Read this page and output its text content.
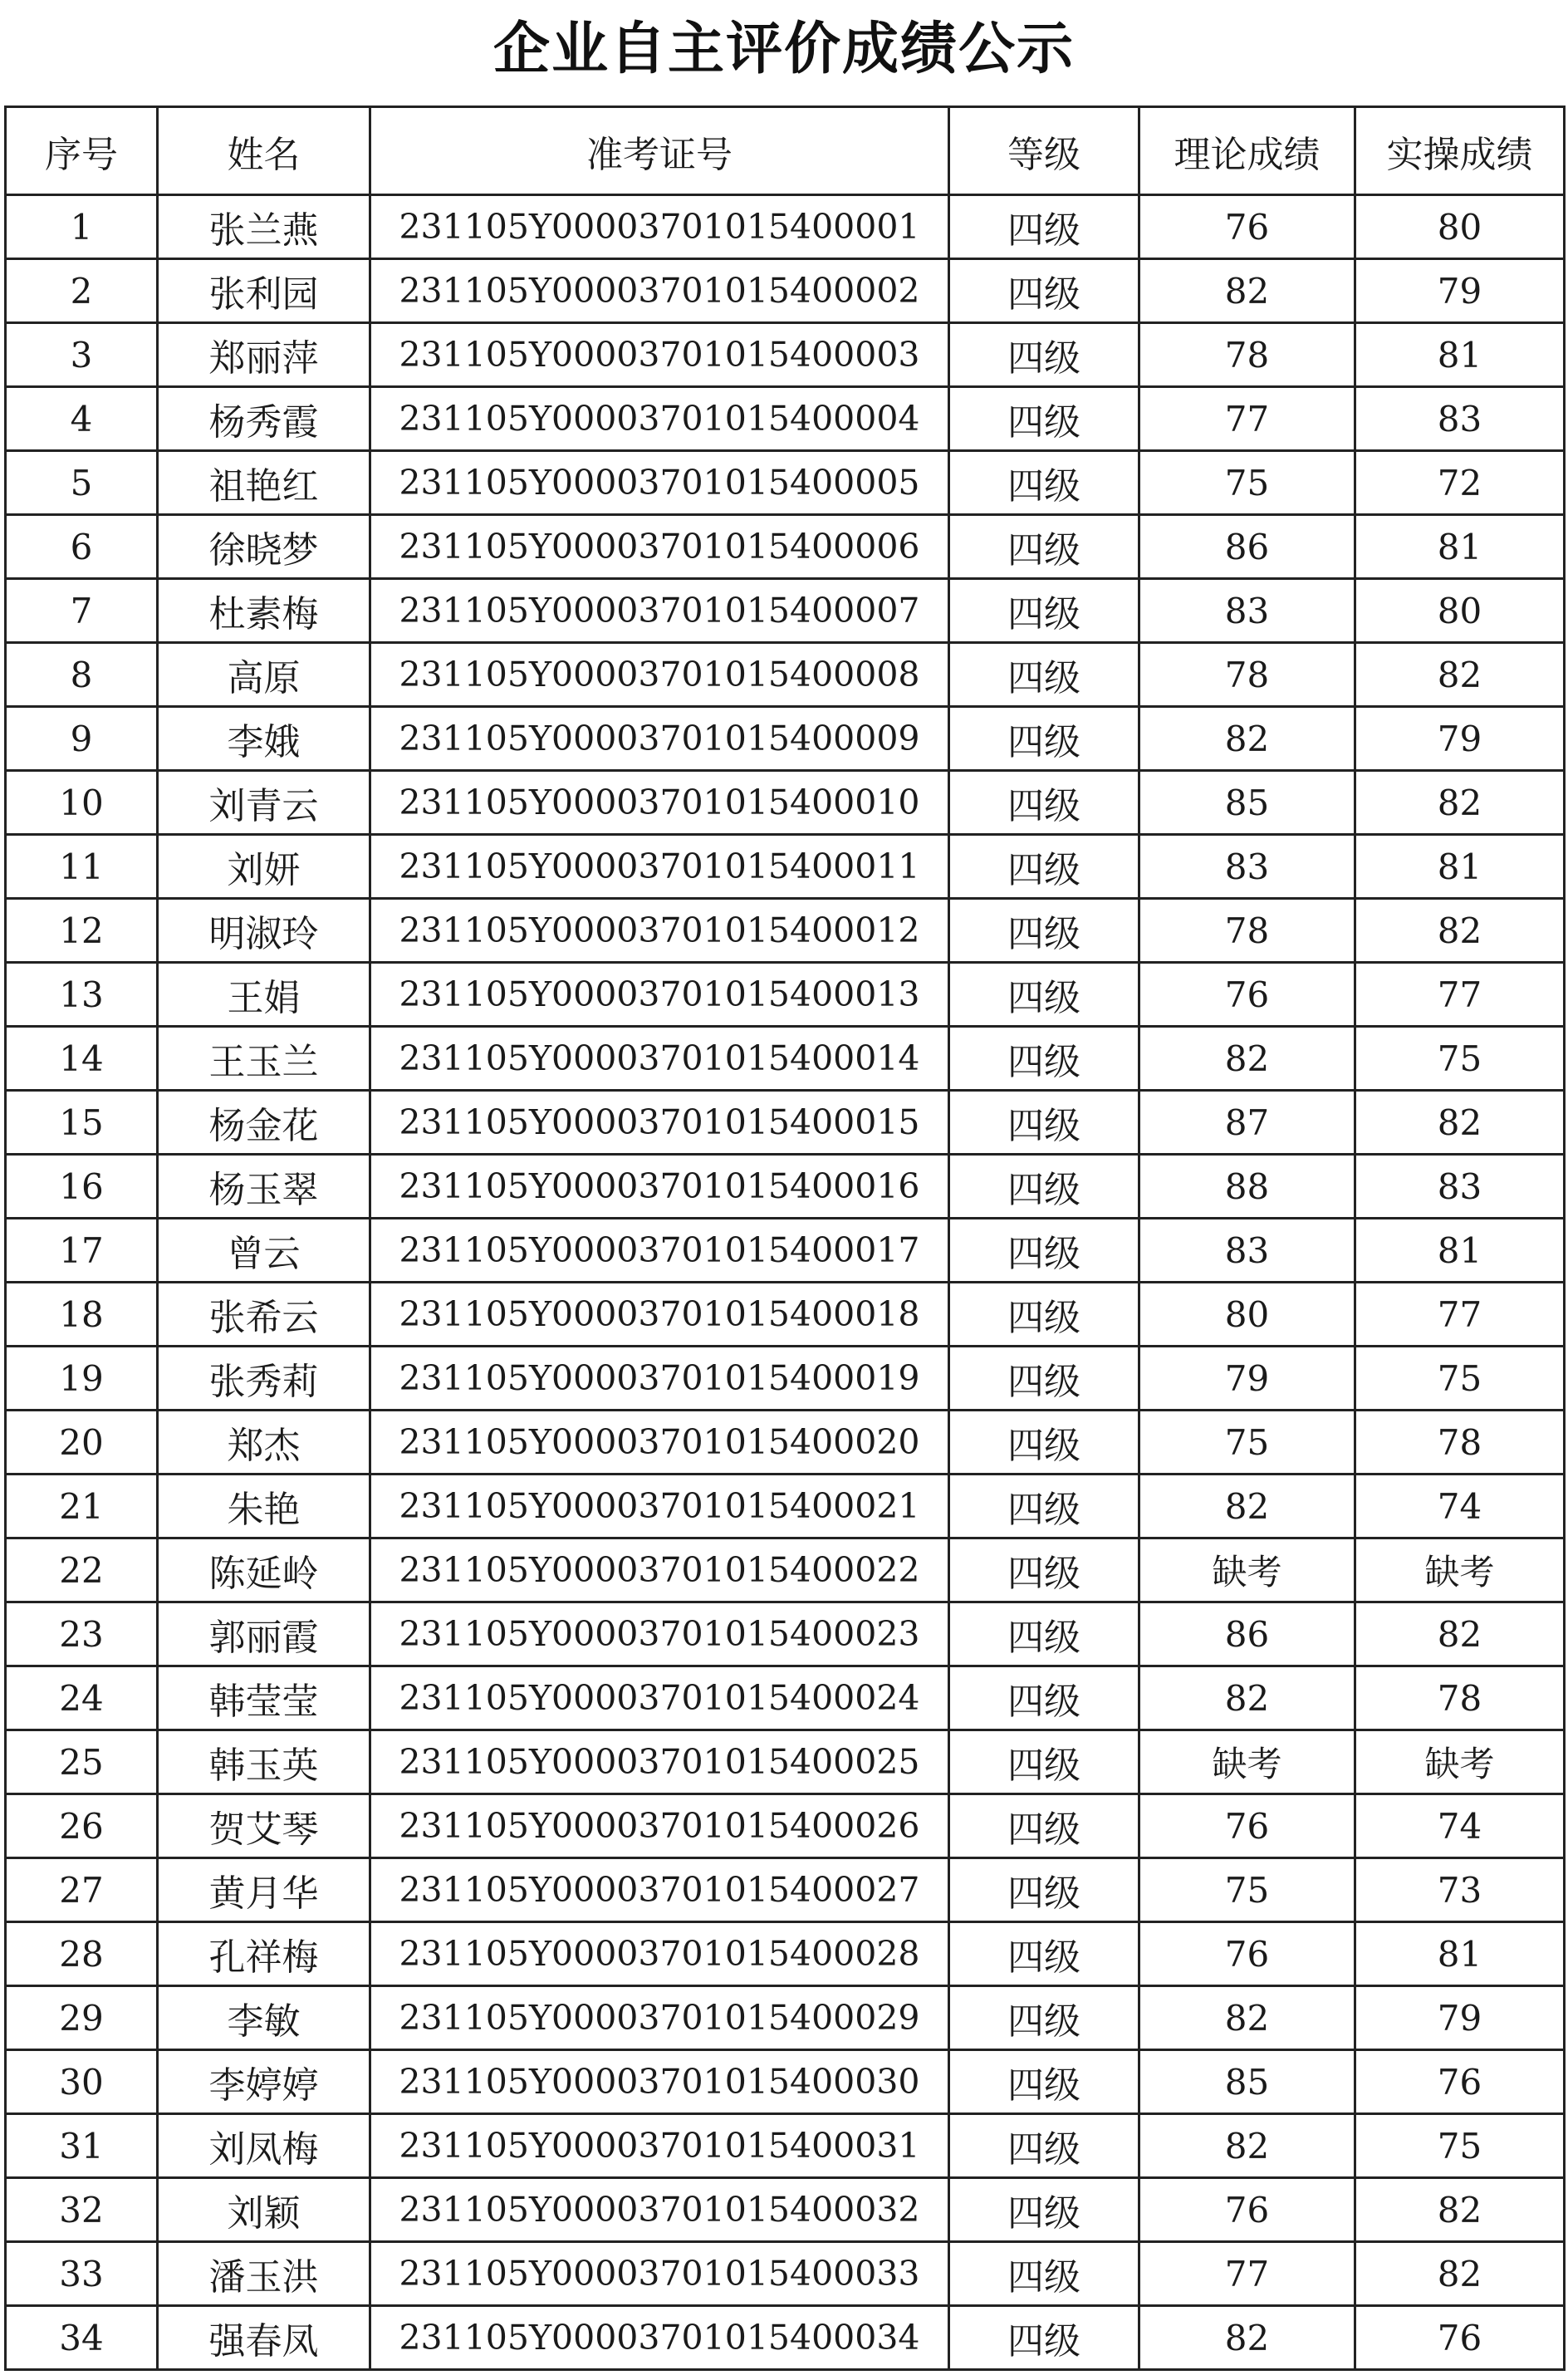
企业自主评价成绩公示
序号	姓名	准考证号	等级	理论成绩	实操成绩
1	张兰燕	231105Y00003701015400001	四级	76	80
2	张利园	231105Y00003701015400002	四级	82	79
3	郑丽萍	231105Y00003701015400003	四级	78	81
4	杨秀霞	231105Y00003701015400004	四级	77	83
5	祖艳红	231105Y00003701015400005	四级	75	72
6	徐晓梦	231105Y00003701015400006	四级	86	81
7	杜素梅	231105Y00003701015400007	四级	83	80
8	高原	231105Y00003701015400008	四级	78	82
9	李娥	231105Y00003701015400009	四级	82	79
10	刘青云	231105Y00003701015400010	四级	85	82
11	刘妍	231105Y00003701015400011	四级	83	81
12	明淑玲	231105Y00003701015400012	四级	78	82
13	王娟	231105Y00003701015400013	四级	76	77
14	王玉兰	231105Y00003701015400014	四级	82	75
15	杨金花	231105Y00003701015400015	四级	87	82
16	杨玉翠	231105Y00003701015400016	四级	88	83
17	曾云	231105Y00003701015400017	四级	83	81
18	张希云	231105Y00003701015400018	四级	80	77
19	张秀莉	231105Y00003701015400019	四级	79	75
20	郑杰	231105Y00003701015400020	四级	75	78
21	朱艳	231105Y00003701015400021	四级	82	74
22	陈延岭	231105Y00003701015400022	四级	缺考	缺考
23	郭丽霞	231105Y00003701015400023	四级	86	82
24	韩莹莹	231105Y00003701015400024	四级	82	78
25	韩玉英	231105Y00003701015400025	四级	缺考	缺考
26	贺艾琴	231105Y00003701015400026	四级	76	74
27	黄月华	231105Y00003701015400027	四级	75	73
28	孔祥梅	231105Y00003701015400028	四级	76	81
29	李敏	231105Y00003701015400029	四级	82	79
30	李婷婷	231105Y00003701015400030	四级	85	76
31	刘凤梅	231105Y00003701015400031	四级	82	75
32	刘颖	231105Y00003701015400032	四级	76	82
33	潘玉洪	231105Y00003701015400033	四级	77	82
34	强春凤	231105Y00003701015400034	四级	82	76
